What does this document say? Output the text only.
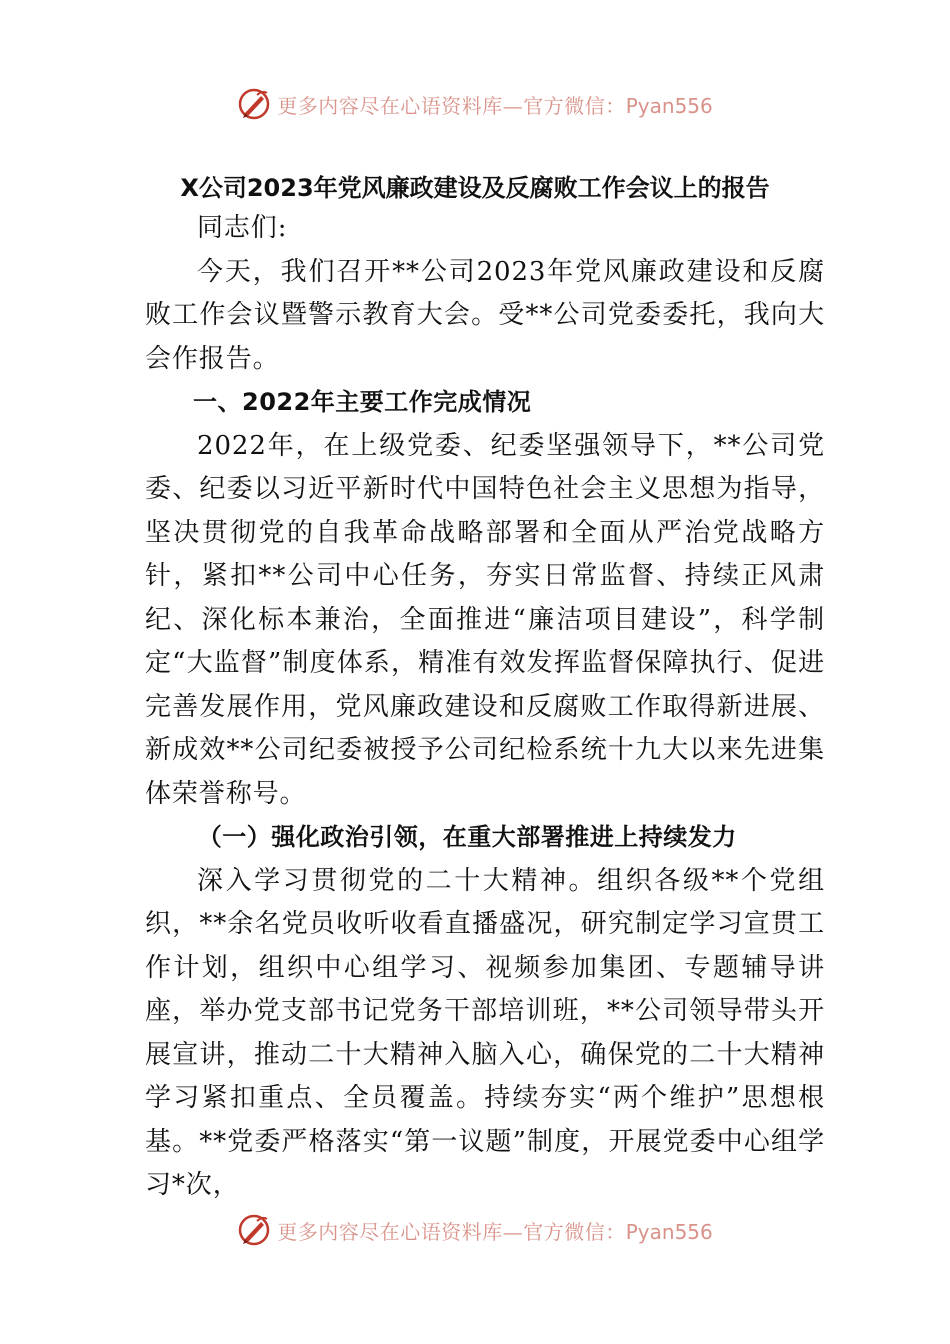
更多内容尽在心语资料库—官方微信：Pyan556
X公司2023年党风廉政建设及反腐败工作会议上的报告

同志们:

今天，我们召开**公司2023年党风廉政建设和反腐败工作会议暨警示教育大会。受**公司党委委托，我向大会作报告。

一、2022年主要工作完成情况

2022年，在上级党委、纪委坚强领导下，**公司党委、纪委以习近平新时代中国特色社会主义思想为指导，坚决贯彻党的自我革命战略部署和全面从严治党战略方针，紧扣**公司中心任务，夯实日常监督、持续正风肃纪、深化标本兼治，全面推进“廉洁项目建设”，科学制定“大监督”制度体系，精准有效发挥监督保障执行、促进完善发展作用，党风廉政建设和反腐败工作取得新进展、新成效**公司纪委被授予公司纪检系统十九大以来先进集体荣誉称号。

（一）强化政治引领，在重大部署推进上持续发力

深入学习贯彻党的二十大精神。组织各级**个党组织，**余名党员收听收看直播盛况，研究制定学习宣贯工作计划，组织中心组学习、视频参加集团、专题辅导讲座，举办党支部书记党务干部培训班，**公司领导带头开展宣讲，推动二十大精神入脑入心，确保党的二十大精神学习紧扣重点、全员覆盖。持续夯实“两个维护”思想根基。**党委严格落实“第一议题”制度，开展党委中心组学习*次，

更多内容尽在心语资料库—官方微信：Pyan556
